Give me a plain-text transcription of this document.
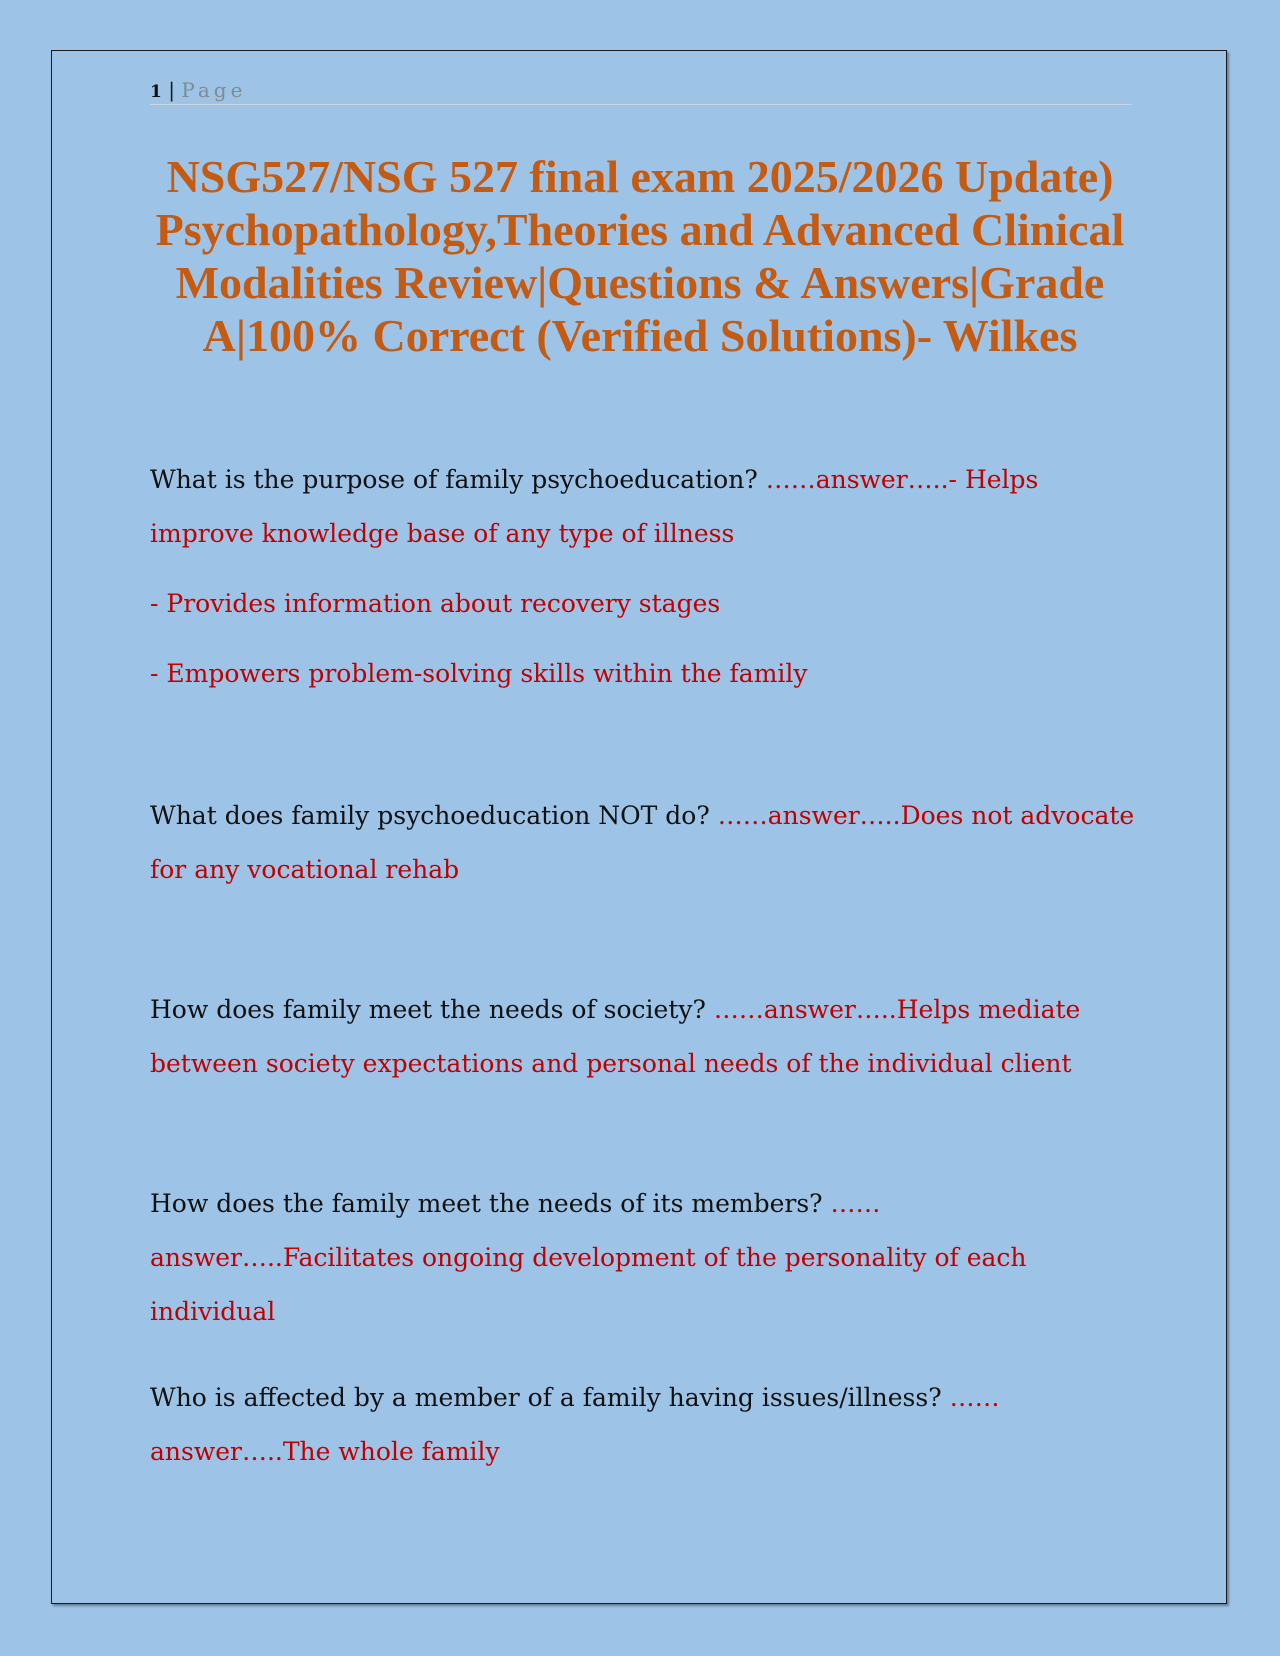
1 | Page
NSG527/NSG 527 final exam 2025/2026 Update) Psychopathology,Theories and Advanced Clinical Modalities Review|Questions & Answers|Grade A|100% Correct (Verified Solutions)- Wilkes

What is the purpose of family psychoeducation? ……answer…..- Helps improve knowledge base of any type of illness

- Provides information about recovery stages

- Empowers problem-solving skills within the family

What does family psychoeducation NOT do? ……answer…..Does not advocate for any vocational rehab

How does family meet the needs of society? ……answer…..Helps mediate between society expectations and personal needs of the individual client

How does the family meet the needs of its members? ……answer…..Facilitates ongoing development of the personality of each individual

Who is affected by a member of a family having issues/illness? ……answer…..The whole family
